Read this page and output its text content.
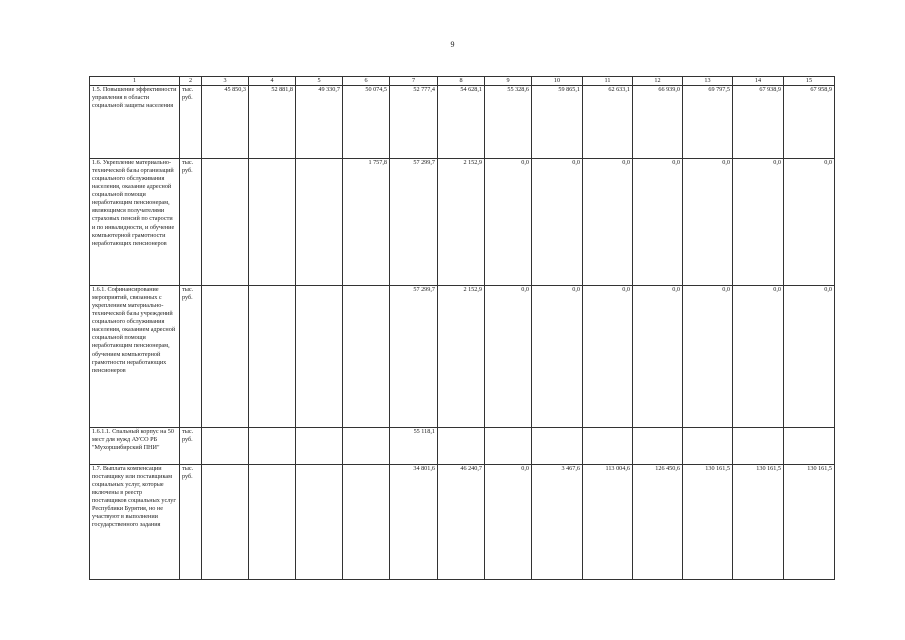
9
1	2	3	4	5	6	7	8	9	10	11	12	13	14	15
1.5. Повышение эффективности управления в области социальной защиты населения	тыс. руб.	45 850,3	52 881,8	49 330,7	50 074,5	52 777,4	54 628,1	55 328,6	59 865,1	62 633,1	66 939,0	69 797,5	67 938,9	67 958,9
1.6. Укрепление материально-технической базы организаций социального обслуживания населения, оказание адресной социальной помощи неработающим пенсионерам, являющимся получателями страховых пенсий по старости и по инвалидности, и обучение компьютерной грамотности неработающих пенсионеров	тыс. руб.				1 757,8	57 299,7	2 152,9	0,0	0,0	0,0	0,0	0,0	0,0	0,0
1.6.1. Софинансирование мероприятий, связанных с укреплением материально-технической базы учреждений социального обслуживания населения, оказанием адресной социальной помощи неработающим пенсионерам, обучением компьютерной грамотности неработающих пенсионеров	тыс. руб.					57 299,7	2 152,9	0,0	0,0	0,0	0,0	0,0	0,0	0,0
1.6.1.1. Спальный корпус на 50 мест для нужд АУСО РБ "Мухоршибирский ПНИ"	тыс. руб.					55 118,1								
1.7. Выплата компенсации поставщику или поставщикам социальных услуг, которые включены в реестр поставщиков социальных услуг Республики Бурятия, но не участвуют в выполнении государственного задания	тыс. руб.					34 801,6	46 240,7	0,0	3 467,6	113 004,6	126 450,6	130 161,5	130 161,5	130 161,5
